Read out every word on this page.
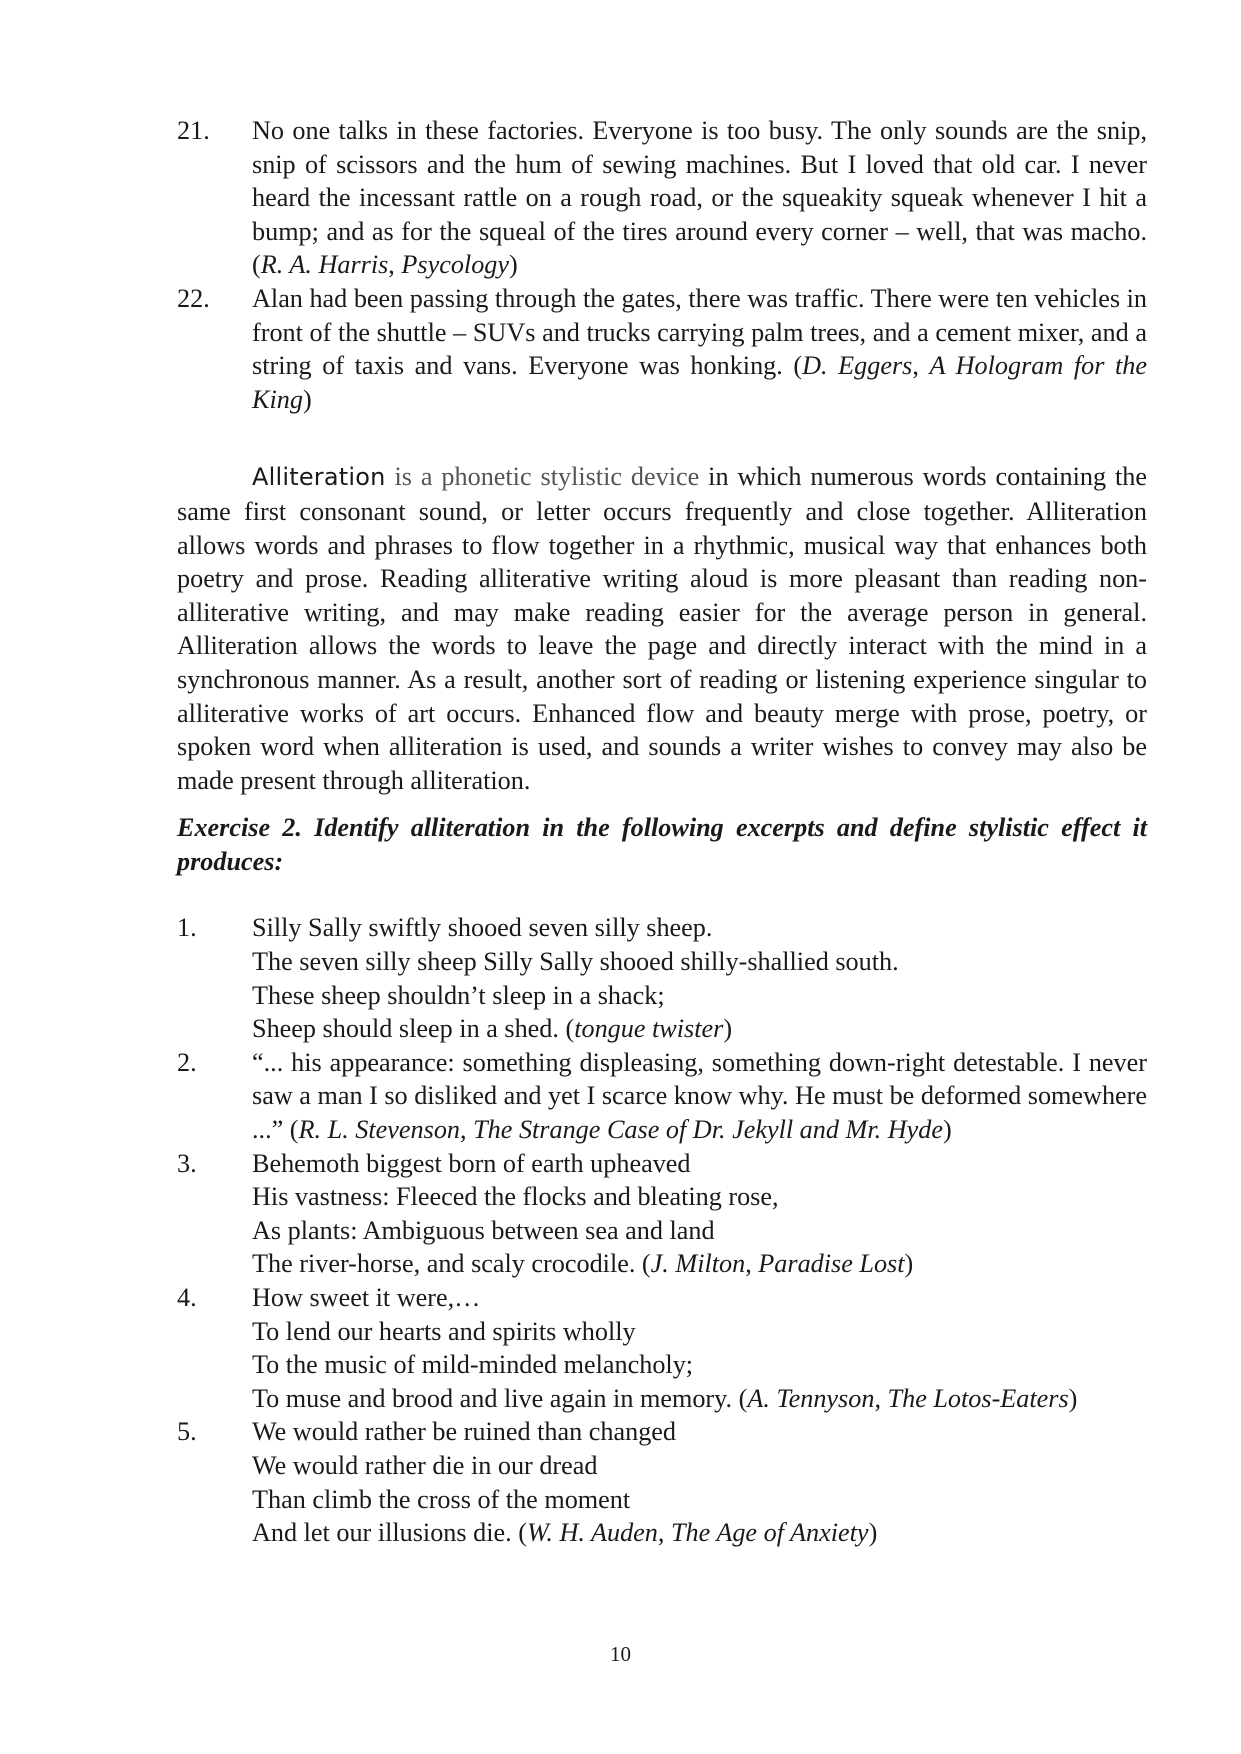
21.	No one talks in these factories. Everyone is too busy. The only sounds are the snip, snip of scissors and the hum of sewing machines. But I loved that old car. I never heard the incessant rattle on a rough road, or the squeakity squeak whenever I hit a bump; and as for the squeal of the tires around every corner – well, that was macho. (R. A. Harris, Psycology)
22.	Alan had been passing through the gates, there was traffic. There were ten vehicles in front of the shuttle – SUVs and trucks carrying palm trees, and a cement mixer, and a string of taxis and vans. Everyone was honking. (D. Eggers, A Hologram for the King)

Alliteration is a phonetic stylistic device in which numerous words containing the same first consonant sound, or letter occurs frequently and close together. Alliteration allows words and phrases to flow together in a rhythmic, musical way that enhances both poetry and prose. Reading alliterative writing aloud is more pleasant than reading non-alliterative writing, and may make reading easier for the average person in general. Alliteration allows the words to leave the page and directly interact with the mind in a synchronous manner. As a result, another sort of reading or listening experience singular to alliterative works of art occurs. Enhanced flow and beauty merge with prose, poetry, or spoken word when alliteration is used, and sounds a writer wishes to convey may also be made present through alliteration.

Exercise 2. Identify alliteration in the following excerpts and define stylistic effect it produces:

1.	Silly Sally swiftly shooed seven silly sheep.
The seven silly sheep Silly Sally shooed shilly-shallied south.
These sheep shouldn’t sleep in a shack;
Sheep should sleep in a shed. (tongue twister)
2.	“... his appearance: something displeasing, something down-right detestable. I never saw a man I so disliked and yet I scarce know why. He must be deformed somewhere ...” (R. L. Stevenson, The Strange Case of Dr. Jekyll and Mr. Hyde)
3.	Behemoth biggest born of earth upheaved
His vastness: Fleeced the flocks and bleating rose,
As plants: Ambiguous between sea and land
The river-horse, and scaly crocodile. (J. Milton, Paradise Lost)
4.	How sweet it were,…
To lend our hearts and spirits wholly
To the music of mild-minded melancholy;
To muse and brood and live again in memory. (A. Tennyson, The Lotos-Eaters)
5.	We would rather be ruined than changed
We would rather die in our dread
Than climb the cross of the moment
And let our illusions die. (W. H. Auden, The Age of Anxiety)
10
